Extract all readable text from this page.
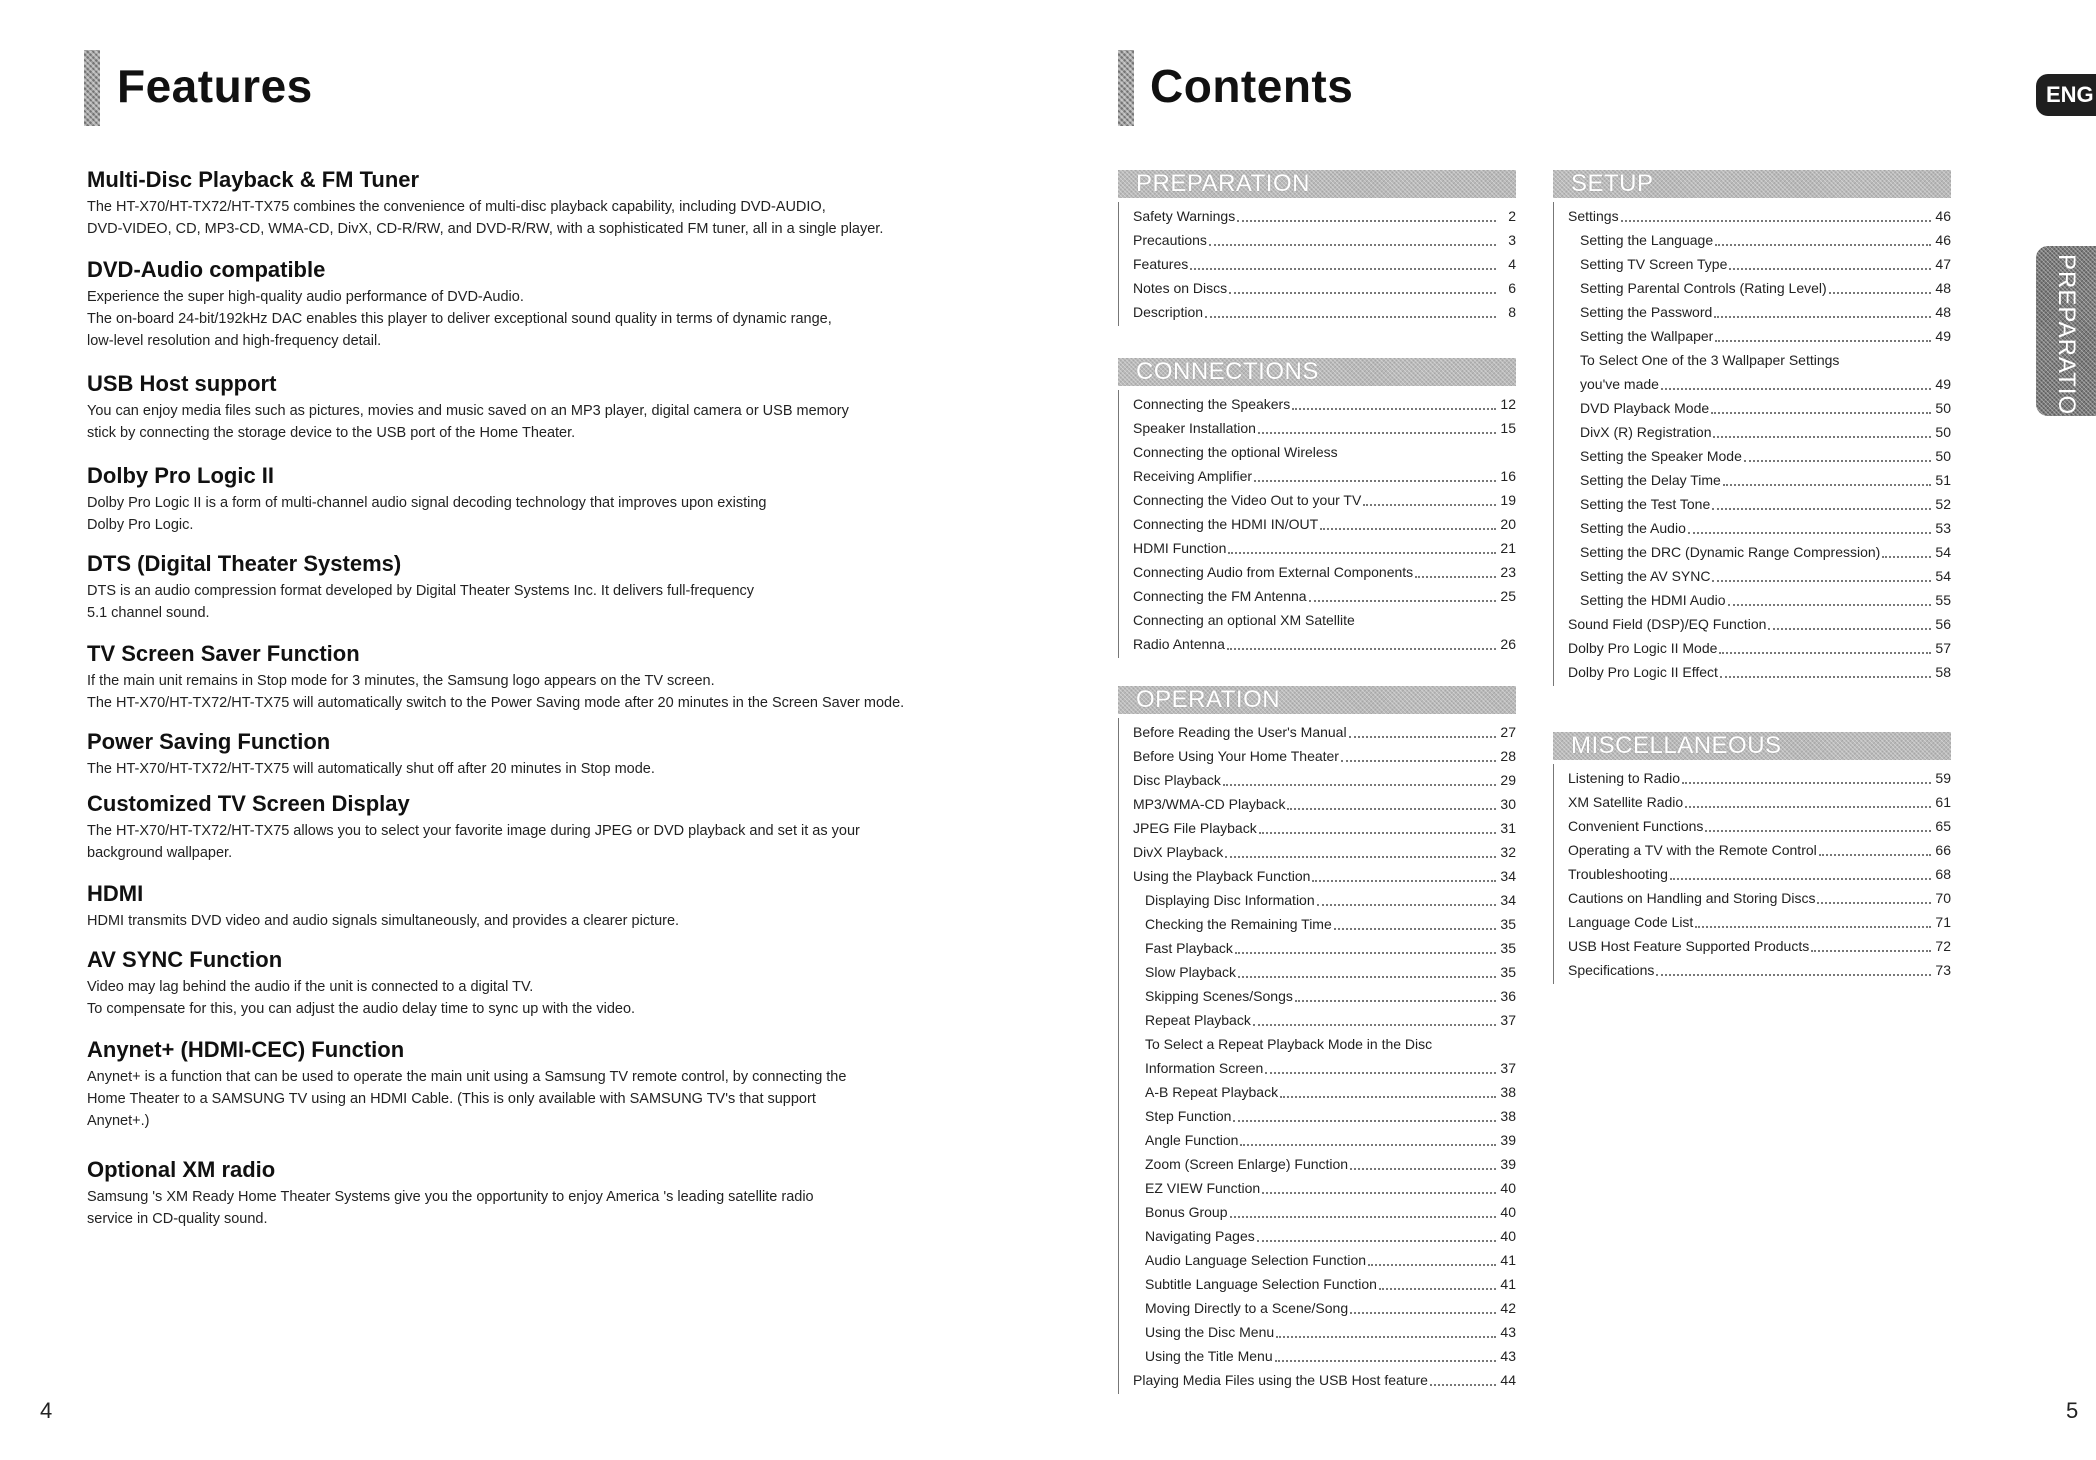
Features
Multi-Disc Playback & FM Tuner

The HT-X70/HT-TX72/HT-TX75 combines the convenience of multi-disc playback capability, including DVD-AUDIO,
DVD-VIDEO, CD, MP3-CD, WMA-CD, DivX, CD-R/RW, and DVD-R/RW, with a sophisticated FM tuner, all in a single player.

DVD-Audio compatible

Experience the super high-quality audio performance of DVD-Audio.
The on-board 24-bit/192kHz DAC enables this player to deliver exceptional sound quality in terms of dynamic range,
low-level resolution and high-frequency detail.

USB Host support

You can enjoy media files such as pictures, movies and music saved on an MP3 player, digital camera or USB memory
stick by connecting the storage device to the USB port of the Home Theater.

Dolby Pro Logic II

Dolby Pro Logic II is a form of multi-channel audio signal decoding technology that improves upon existing
Dolby Pro Logic.

DTS (Digital Theater Systems)

DTS is an audio compression format developed by Digital Theater Systems Inc. It delivers full-frequency
5.1 channel sound.

TV Screen Saver Function

If the main unit remains in Stop mode for 3 minutes, the Samsung logo appears on the TV screen.
The HT-X70/HT-TX72/HT-TX75 will automatically switch to the Power Saving mode after 20 minutes in the Screen Saver mode.

Power Saving Function

The HT-X70/HT-TX72/HT-TX75 will automatically shut off after 20 minutes in Stop mode.

Customized TV Screen Display

The HT-X70/HT-TX72/HT-TX75 allows you to select your favorite image during JPEG or DVD playback and set it as your
background wallpaper.

HDMI

HDMI transmits DVD video and audio signals simultaneously, and provides a clearer picture.

AV SYNC Function

Video may lag behind the audio if the unit is connected to a digital TV.
To compensate for this, you can adjust the audio delay time to sync up with the video.

Anynet+ (HDMI-CEC) Function

Anynet+ is a function that can be used to operate the main unit using a Samsung TV remote control, by connecting the
Home Theater to a SAMSUNG TV using an HDMI Cable. (This is only available with SAMSUNG TV's that support
Anynet+.)

Optional XM radio

Samsung 's XM Ready Home Theater Systems give you the opportunity to enjoy America 's leading satellite radio
service in CD-quality sound.

4
Contents
PREPARATION
Safety Warnings	2
Precautions	3
Features	4
Notes on Discs	6
Description	8
CONNECTIONS
Connecting the Speakers	12
Speaker Installation	15
Connecting the optional Wireless
Receiving Amplifier	16
Connecting the Video Out to your TV	19
Connecting the HDMI IN/OUT	20
HDMI Function	21
Connecting Audio from External Components	23
Connecting the FM Antenna	25
Connecting an optional XM Satellite
Radio Antenna	26
OPERATION
Before Reading the User's Manual	27
Before Using Your Home Theater	28
Disc Playback	29
MP3/WMA-CD Playback	30
JPEG File Playback	31
DivX Playback	32
Using the Playback Function	34
Displaying Disc Information	34
Checking the Remaining Time	35
Fast Playback	35
Slow Playback	35
Skipping Scenes/Songs	36
Repeat Playback	37
To Select a Repeat Playback Mode in the Disc
Information Screen	37
A-B Repeat Playback	38
Step Function	38
Angle Function	39
Zoom (Screen Enlarge) Function	39
EZ VIEW Function	40
Bonus Group	40
Navigating Pages	40
Audio Language Selection Function	41
Subtitle Language Selection Function	41
Moving Directly to a Scene/Song	42
Using the Disc Menu	43
Using the Title Menu	43
Playing Media Files using the USB Host feature	44
SETUP
Settings	46
Setting the Language	46
Setting TV Screen Type	47
Setting Parental Controls (Rating Level)	48
Setting the Password	48
Setting the Wallpaper	49
To Select One of the 3 Wallpaper Settings
you've made	49
DVD Playback Mode	50
DivX (R) Registration	50
Setting the Speaker Mode	50
Setting the Delay Time	51
Setting the Test Tone	52
Setting the Audio	53
Setting the DRC (Dynamic Range Compression)	54
Setting the AV SYNC	54
Setting the HDMI Audio	55
Sound Field (DSP)/EQ Function	56
Dolby Pro Logic II Mode	57
Dolby Pro Logic II Effect	58
MISCELLANEOUS
Listening to Radio	59
XM Satellite Radio	61
Convenient Functions	65
Operating a TV with the Remote Control	66
Troubleshooting	68
Cautions on Handling and Storing Discs	70
Language Code List	71
USB Host Feature Supported Products	72
Specifications	73
ENG
PREPARATION
5
